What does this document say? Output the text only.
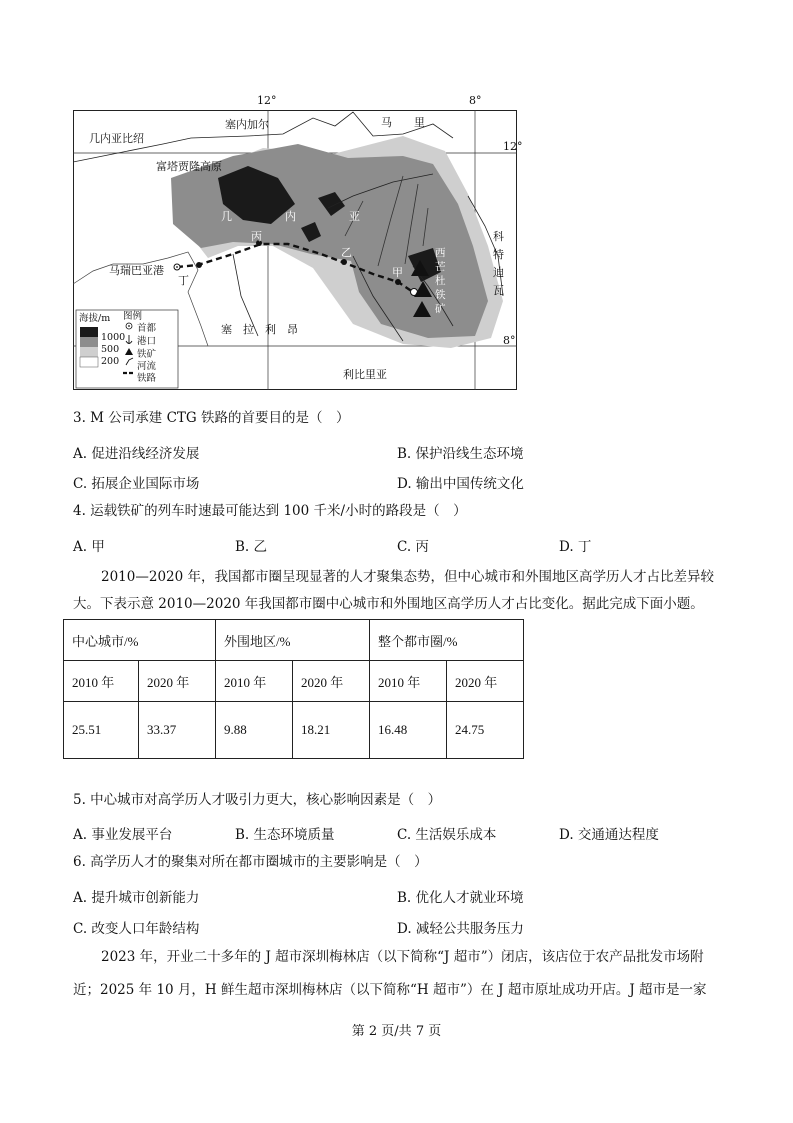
12°	8°
12°
8°
几内亚比绍
塞内加尔	马　　里
富塔贾隆高原
几	内	亚
塞　拉　利　昂
利比里亚
科特迪瓦
西芒杜铁矿
马瑞巴亚港
丁
丙
乙
甲
海拔/m
1000
500
200
图例
首都
港口
铁矿
河流
铁路
3. M 公司承建 CTG 铁路的首要目的是（　）
A. 促进沿线经济发展	B. 保护沿线生态环境
C. 拓展企业国际市场	D. 输出中国传统文化
4. 运载铁矿的列车时速最可能达到 100 千米/小时的路段是（　）
A. 甲	B. 乙	C. 丙	D. 丁
2010—2020 年，我国都市圈呈现显著的人才聚集态势，但中心城市和外围地区高学历人才占比差异较
大。下表示意 2010—2020 年我国都市圈中心城市和外围地区高学历人才占比变化。据此完成下面小题。
中心城市/%		外围地区/%		整个都市圈/%	
2010 年	2020 年	2010 年	2020 年	2010 年	2020 年
25.51	33.37	9.88	18.21	16.48	24.75
5. 中心城市对高学历人才吸引力更大，核心影响因素是（　）
A. 事业发展平台	B. 生态环境质量	C. 生活娱乐成本	D. 交通通达程度
6. 高学历人才的聚集对所在都市圈城市的主要影响是（　）
A. 提升城市创新能力	B. 优化人才就业环境
C. 改变人口年龄结构	D. 减轻公共服务压力
2023 年，开业二十多年的 J 超市深圳梅林店（以下简称“J 超市”）闭店，该店位于农产品批发市场附
近；2025 年 10 月，H 鲜生超市深圳梅林店（以下简称“H 超市”）在 J 超市原址成功开店。J 超市是一家
第 2 页/共 7 页
